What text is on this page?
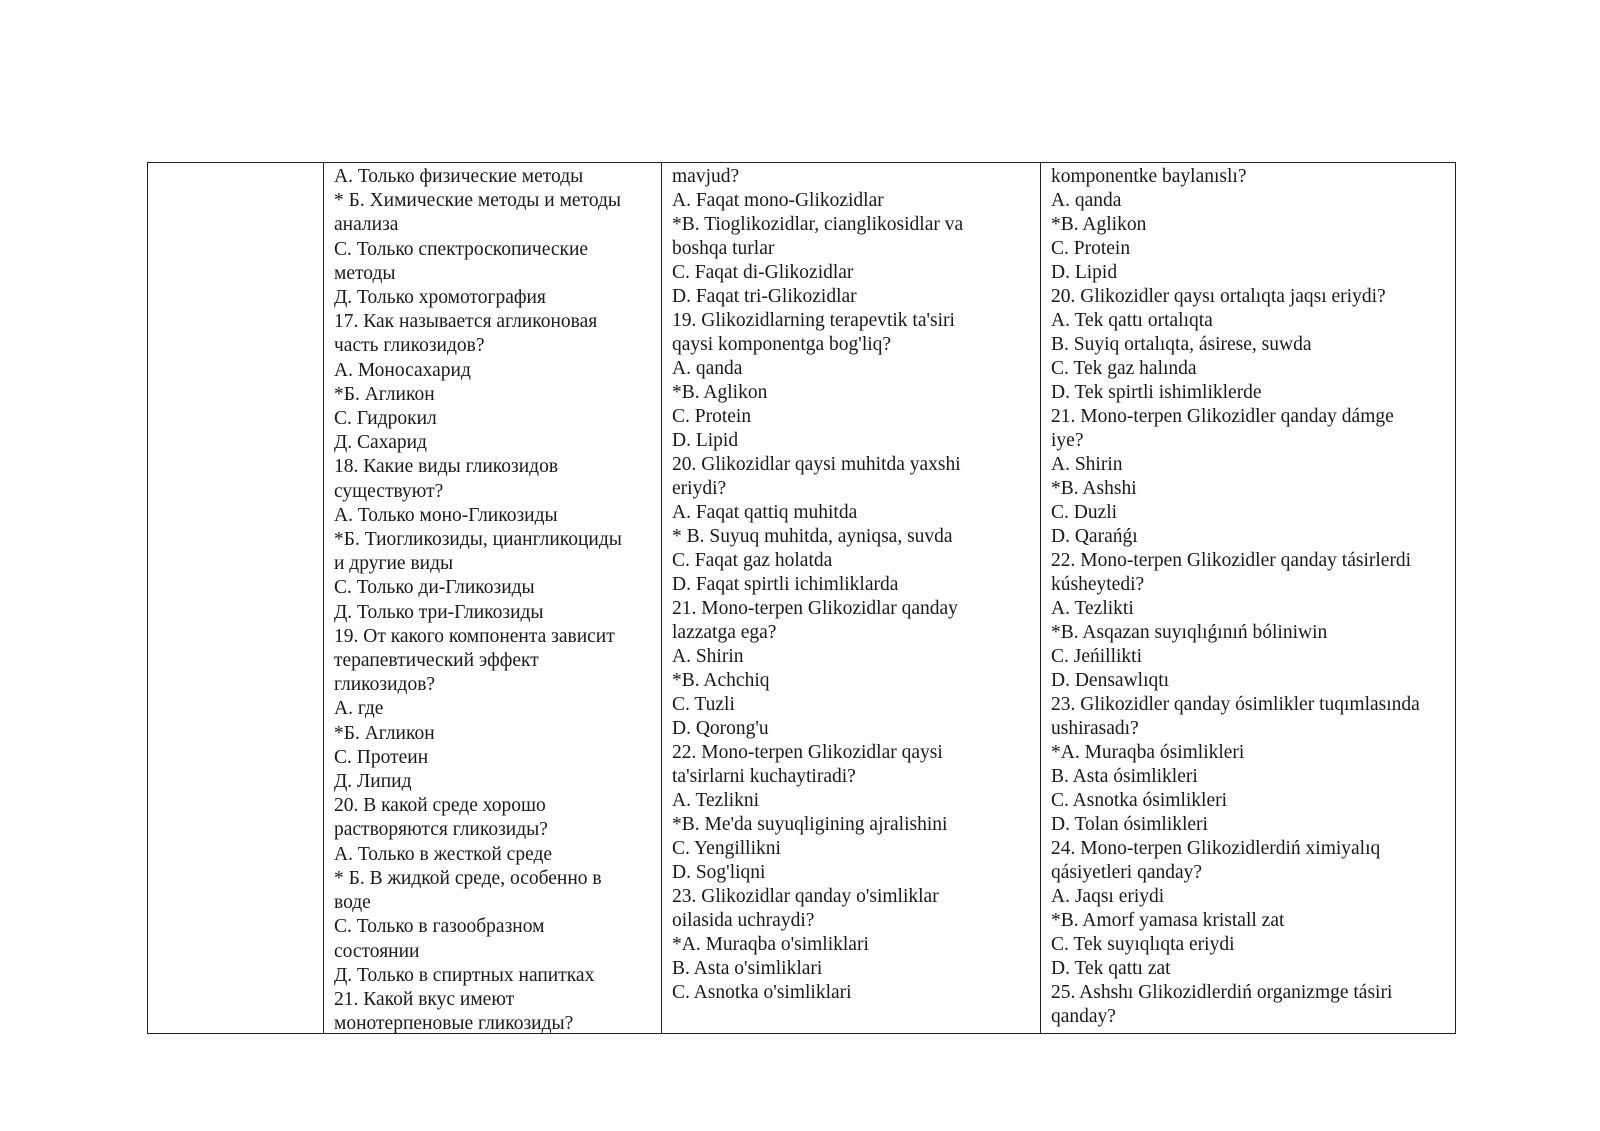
А. Только физические методы
* Б. Химические методы и методы
анализа
С. Только спектроскопические
методы
Д. Только хромотография
17. Как называется агликоновая
часть гликозидов?
А. Моносахарид
*Б. Агликон
С. Гидрокил
Д. Сахарид
18. Какие виды гликозидов
существуют?
А. Только моно-Гликозиды
*Б. Тиогликозиды, циангликоциды
и другие виды
С. Только ди-Гликозиды
Д. Только три-Гликозиды
19. От какого компонента зависит
терапевтический эффект
гликозидов?
А. где
*Б. Агликон
С. Протеин
Д. Липид
20. В какой среде хорошо
растворяются гликозиды?
А. Только в жесткой среде
* Б. В жидкой среде, особенно в
воде
С. Только в газообразном
состоянии
Д. Только в спиртных напитках
21. Какой вкус имеют
монотерпеновые гликозиды?
mavjud?
A. Faqat mono-Glikozidlar
*B. Tioglikozidlar, cianglikosidlar va
boshqa turlar
C. Faqat di-Glikozidlar
D. Faqat tri-Glikozidlar
19. Glikozidlarning terapevtik ta'siri
qaysi komponentga bog'liq?
A. qanda
*B. Aglikon
C. Protein
D. Lipid
20. Glikozidlar qaysi muhitda yaxshi
eriydi?
A. Faqat qattiq muhitda
* B. Suyuq muhitda, ayniqsa, suvda
C. Faqat gaz holatda
D. Faqat spirtli ichimliklarda
21. Mono-terpen Glikozidlar qanday
lazzatga ega?
A. Shirin
*B. Achchiq
C. Tuzli
D. Qorong'u
22. Mono-terpen Glikozidlar qaysi
ta'sirlarni kuchaytiradi?
A. Tezlikni
*B. Me'da suyuqligining ajralishini
C. Yengillikni
D. Sog'liqni
23. Glikozidlar qanday o'simliklar
oilasida uchraydi?
*A. Muraqba o'simliklari
B. Asta o'simliklari
C. Asnotka o'simliklari
komponentke baylanıslı?
A. qanda
*B. Aglikon
C. Protein
D. Lipid
20. Glikozidler qaysı ortalıqta jaqsı eriydi?
A. Tek qattı ortalıqta
B. Suyiq ortalıqta, ásirese, suwda
C. Tek gaz halında
D. Tek spirtli ishimliklerde
21. Mono-terpen Glikozidler qanday dámge
iye?
A. Shirin
*B. Ashshi
C. Duzli
D. Qarańǵı
22. Mono-terpen Glikozidler qanday tásirlerdi
kúsheytedi?
A. Tezlikti
*B. Asqazan suyıqlıǵınıń bóliniwin
C. Jeńillikti
D. Densawlıqtı
23. Glikozidler qanday ósimlikler tuqımlasında
ushirasadı?
*A. Muraqba ósimlikleri
B. Asta ósimlikleri
C. Asnotka ósimlikleri
D. Tolan ósimlikleri
24. Mono-terpen Glikozidlerdiń ximiyalıq
qásiyetleri qanday?
A. Jaqsı eriydi
*B. Amorf yamasa kristall zat
C. Tek suyıqlıqta eriydi
D. Tek qattı zat
25. Ashshı Glikozidlerdiń organizmge tásiri
qanday?
